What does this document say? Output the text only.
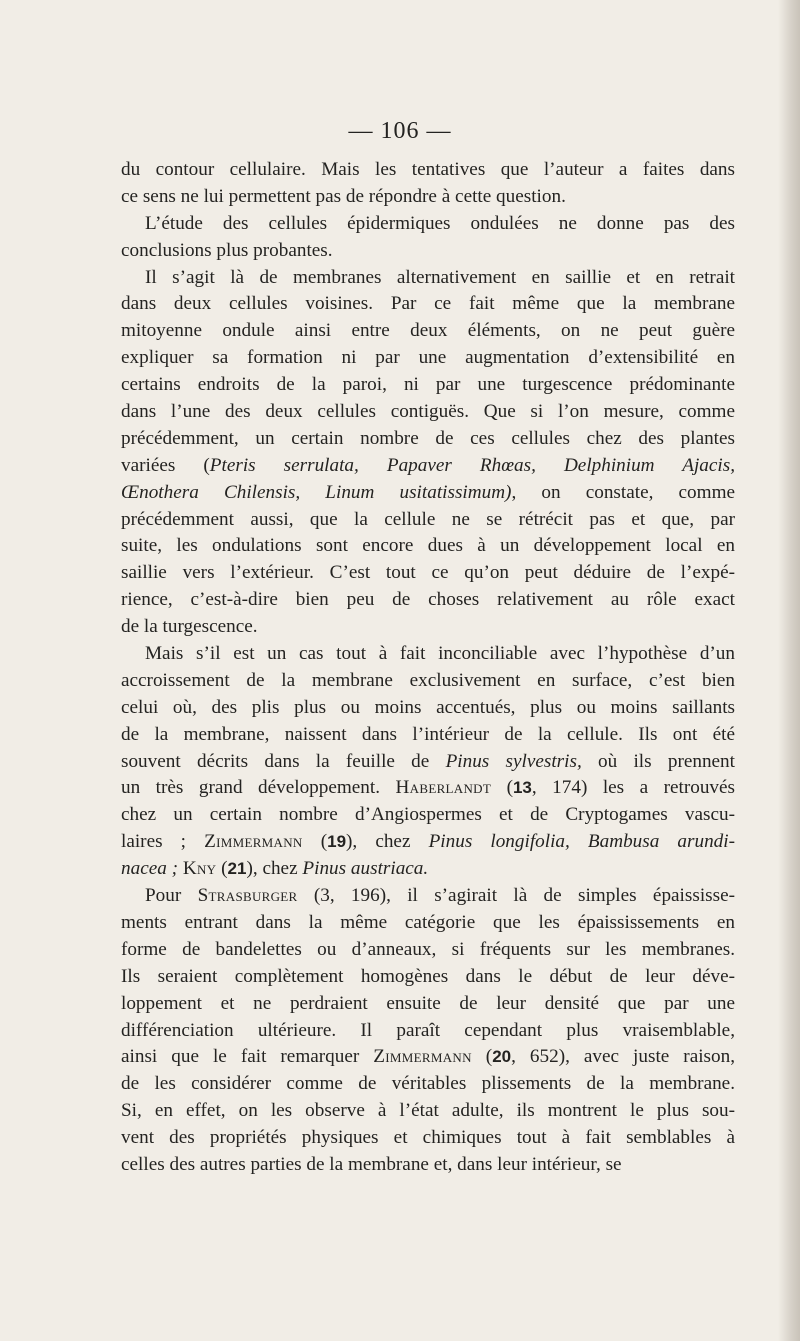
— 106 —
du contour cellulaire. Mais les tentatives que l’auteur a faites dans
ce sens ne lui permettent pas de répondre à cette question.
L’étude des cellules épidermiques ondulées ne donne pas des
conclusions plus probantes.
Il s’agit là de membranes alternativement en saillie et en retrait
dans deux cellules voisines. Par ce fait même que la membrane
mitoyenne ondule ainsi entre deux éléments, on ne peut guère
expliquer sa formation ni par une augmentation d’extensibilité en
certains endroits de la paroi, ni par une turgescence prédominante
dans l’une des deux cellules contiguës. Que si l’on mesure, comme
précédemment, un certain nombre de ces cellules chez des plantes
variées (Pteris serrulata, Papaver Rhœas, Delphinium Ajacis,
Œnothera Chilensis, Linum usitatissimum), on constate, comme
précédemment aussi, que la cellule ne se rétrécit pas et que, par
suite, les ondulations sont encore dues à un développement local en
saillie vers l’extérieur. C’est tout ce qu’on peut déduire de l’expé-
rience, c’est-à-dire bien peu de choses relativement au rôle exact
de la turgescence.
Mais s’il est un cas tout à fait inconciliable avec l’hypothèse d’un
accroissement de la membrane exclusivement en surface, c’est bien
celui où, des plis plus ou moins accentués, plus ou moins saillants
de la membrane, naissent dans l’intérieur de la cellule. Ils ont été
souvent décrits dans la feuille de Pinus sylvestris, où ils prennent
un très grand développement. Haberlandt (13, 174) les a retrouvés
chez un certain nombre d’Angiospermes et de Cryptogames vascu-
laires ; Zimmermann (19), chez Pinus longifolia, Bambusa arundi-
nacea ; Kny (21), chez Pinus austriaca.
Pour Strasburger (3, 196), il s’agirait là de simples épaississe-
ments entrant dans la même catégorie que les épaississements en
forme de bandelettes ou d’anneaux, si fréquents sur les membranes.
Ils seraient complètement homogènes dans le début de leur déve-
loppement et ne perdraient ensuite de leur densité que par une
différenciation ultérieure. Il paraît cependant plus vraisemblable,
ainsi que le fait remarquer Zimmermann (20, 652), avec juste raison,
de les considérer comme de véritables plissements de la membrane.
Si, en effet, on les observe à l’état adulte, ils montrent le plus sou-
vent des propriétés physiques et chimiques tout à fait semblables à
celles des autres parties de la membrane et, dans leur intérieur, se
